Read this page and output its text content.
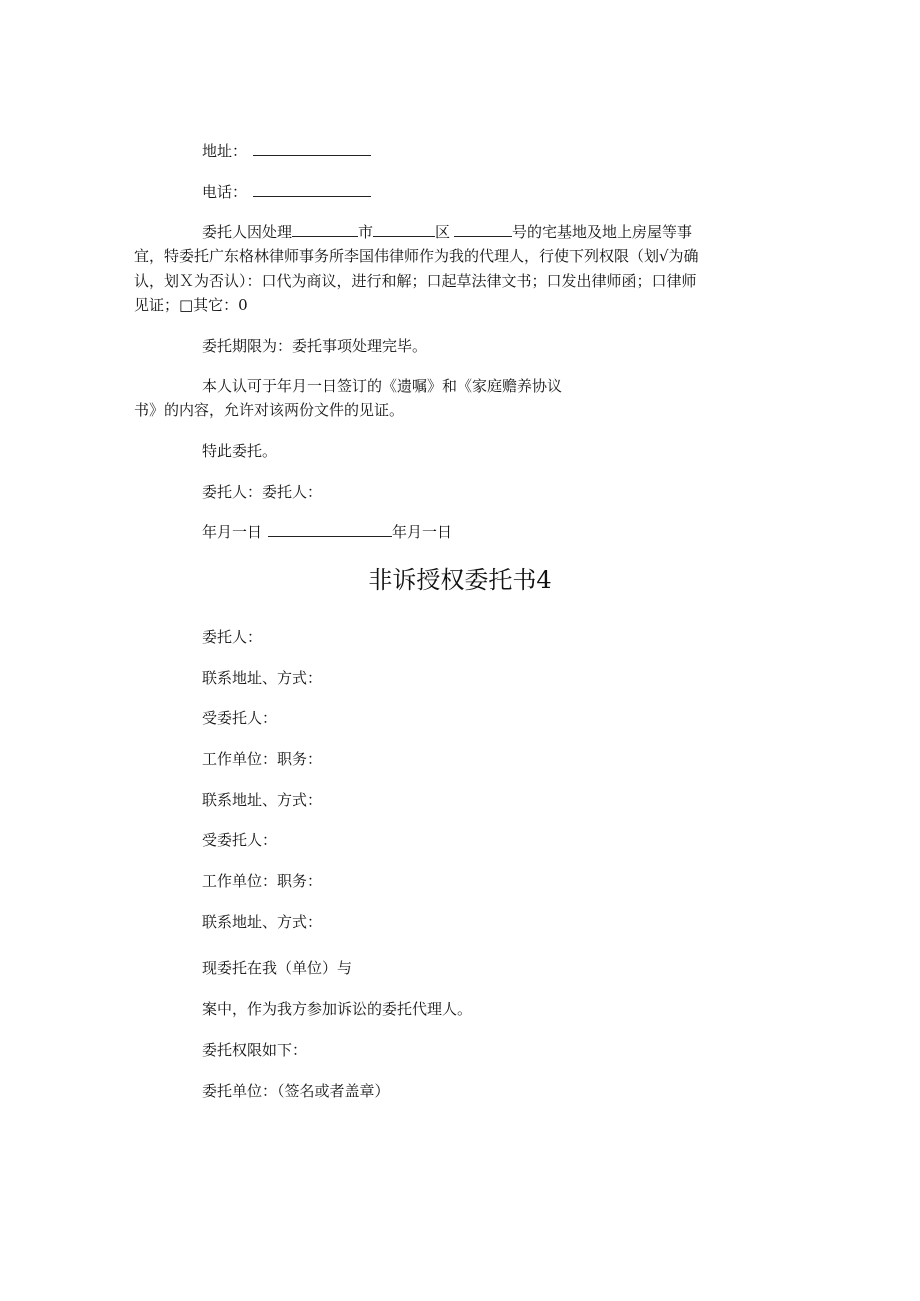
地址：
电话：
委托人因处理	市	区	号的宅基地及地上房屋等事
宜，特委托广东格林律师事务所李国伟律师作为我的代理人，行使下列权限（划√为确
认，划Ｘ为否认）：口代为商议，进行和解；口起草法律文书；口发出律师函；口律师
见证；□其它：0
委托期限为：委托事项处理完毕。
本人认可于年月一日签订的《遗嘱》和《家庭赡养协议
书》的内容，允许对该两份文件的见证。
特此委托。
委托人：委托人：
年月一日	年月一日
非诉授权委托书4
委托人：
联系地址、方式：
受委托人：
工作单位：职务：
联系地址、方式：
受委托人：
工作单位：职务：
联系地址、方式：
现委托在我（单位）与
案中，作为我方参加诉讼的委托代理人。
委托权限如下：
委托单位：（签名或者盖章）
